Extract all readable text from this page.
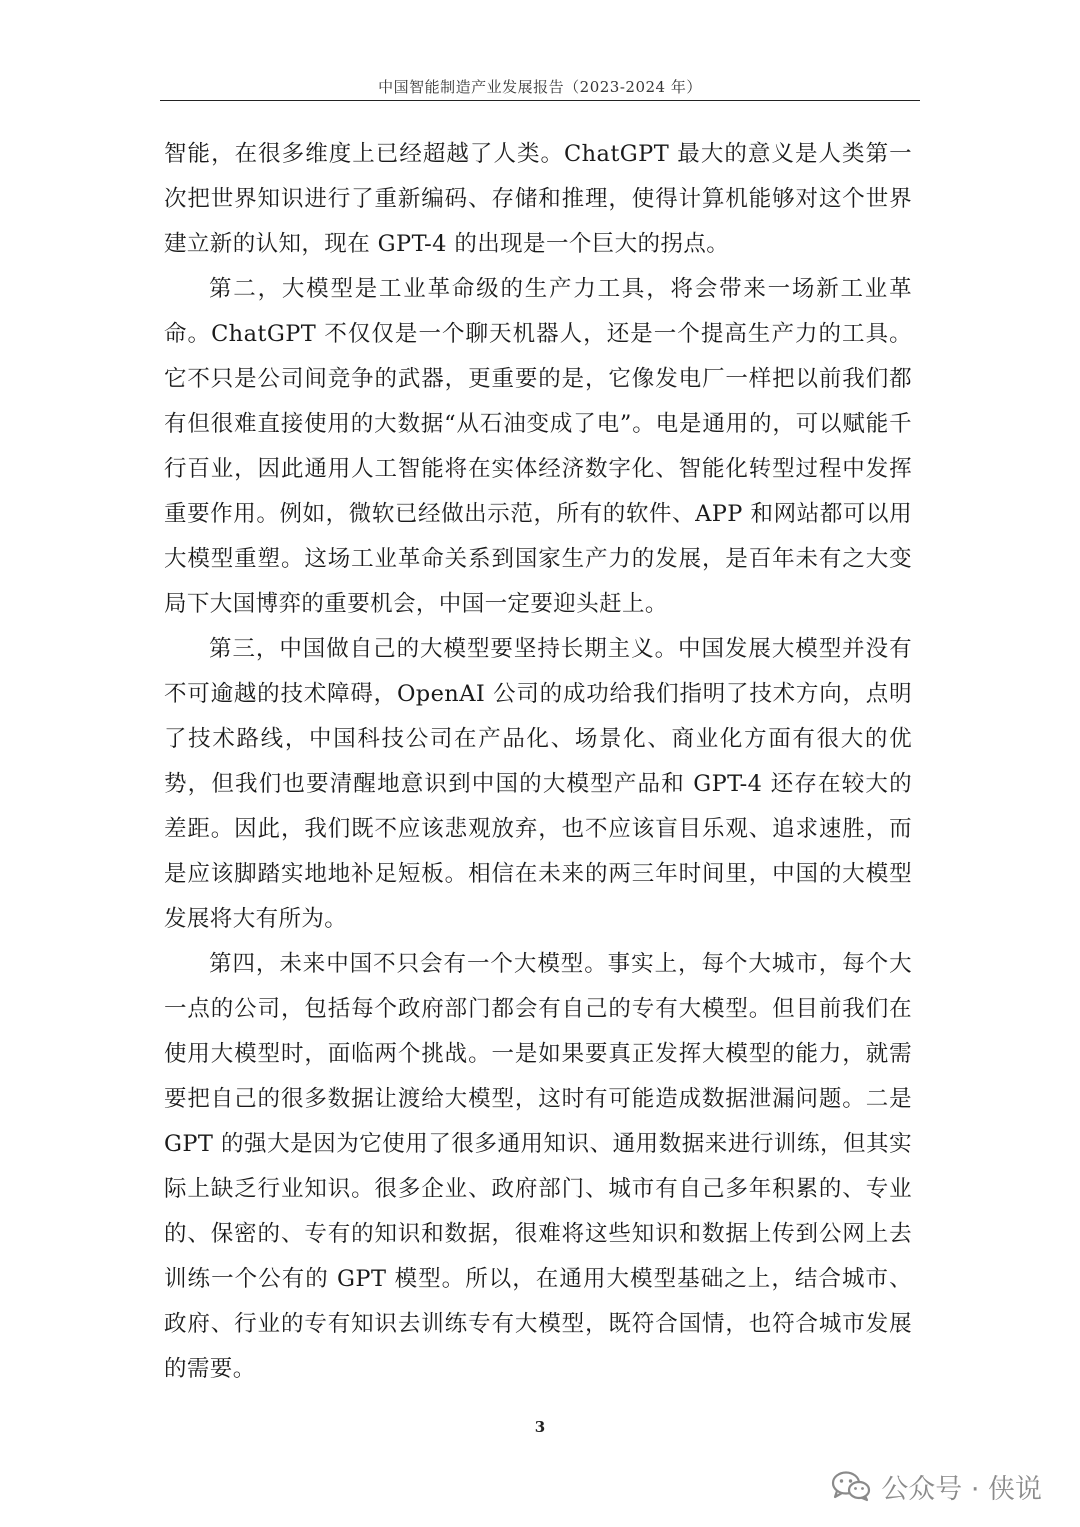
中国智能制造产业发展报告（2023-2024 年）

智能，在很多维度上已经超越了人类。ChatGPT 最大的意义是人类第一次把世界知识进行了重新编码、存储和推理，使得计算机能够对这个世界建立新的认知，现在 GPT-4 的出现是一个巨大的拐点。

第二，大模型是工业革命级的生产力工具，将会带来一场新工业革命。ChatGPT 不仅仅是一个聊天机器人，还是一个提高生产力的工具。它不只是公司间竞争的武器，更重要的是，它像发电厂一样把以前我们都有但很难直接使用的大数据“从石油变成了电”。电是通用的，可以赋能千行百业，因此通用人工智能将在实体经济数字化、智能化转型过程中发挥重要作用。例如，微软已经做出示范，所有的软件、APP 和网站都可以用大模型重塑。这场工业革命关系到国家生产力的发展，是百年未有之大变局下大国博弈的重要机会，中国一定要迎头赶上。

第三，中国做自己的大模型要坚持长期主义。中国发展大模型并没有不可逾越的技术障碍，OpenAI 公司的成功给我们指明了技术方向，点明了技术路线，中国科技公司在产品化、场景化、商业化方面有很大的优势，但我们也要清醒地意识到中国的大模型产品和 GPT-4 还存在较大的差距。因此，我们既不应该悲观放弃，也不应该盲目乐观、追求速胜，而是应该脚踏实地地补足短板。相信在未来的两三年时间里，中国的大模型发展将大有所为。

第四，未来中国不只会有一个大模型。事实上，每个大城市，每个大一点的公司，包括每个政府部门都会有自己的专有大模型。但目前我们在使用大模型时，面临两个挑战。一是如果要真正发挥大模型的能力，就需要把自己的很多数据让渡给大模型，这时有可能造成数据泄漏问题。二是 GPT 的强大是因为它使用了很多通用知识、通用数据来进行训练，但其实际上缺乏行业知识。很多企业、政府部门、城市有自己多年积累的、专业的、保密的、专有的知识和数据，很难将这些知识和数据上传到公网上去训练一个公有的 GPT 模型。所以，在通用大模型基础之上，结合城市、政府、行业的专有知识去训练专有大模型，既符合国情，也符合城市发展的需要。

3
公众号 · 侠说
